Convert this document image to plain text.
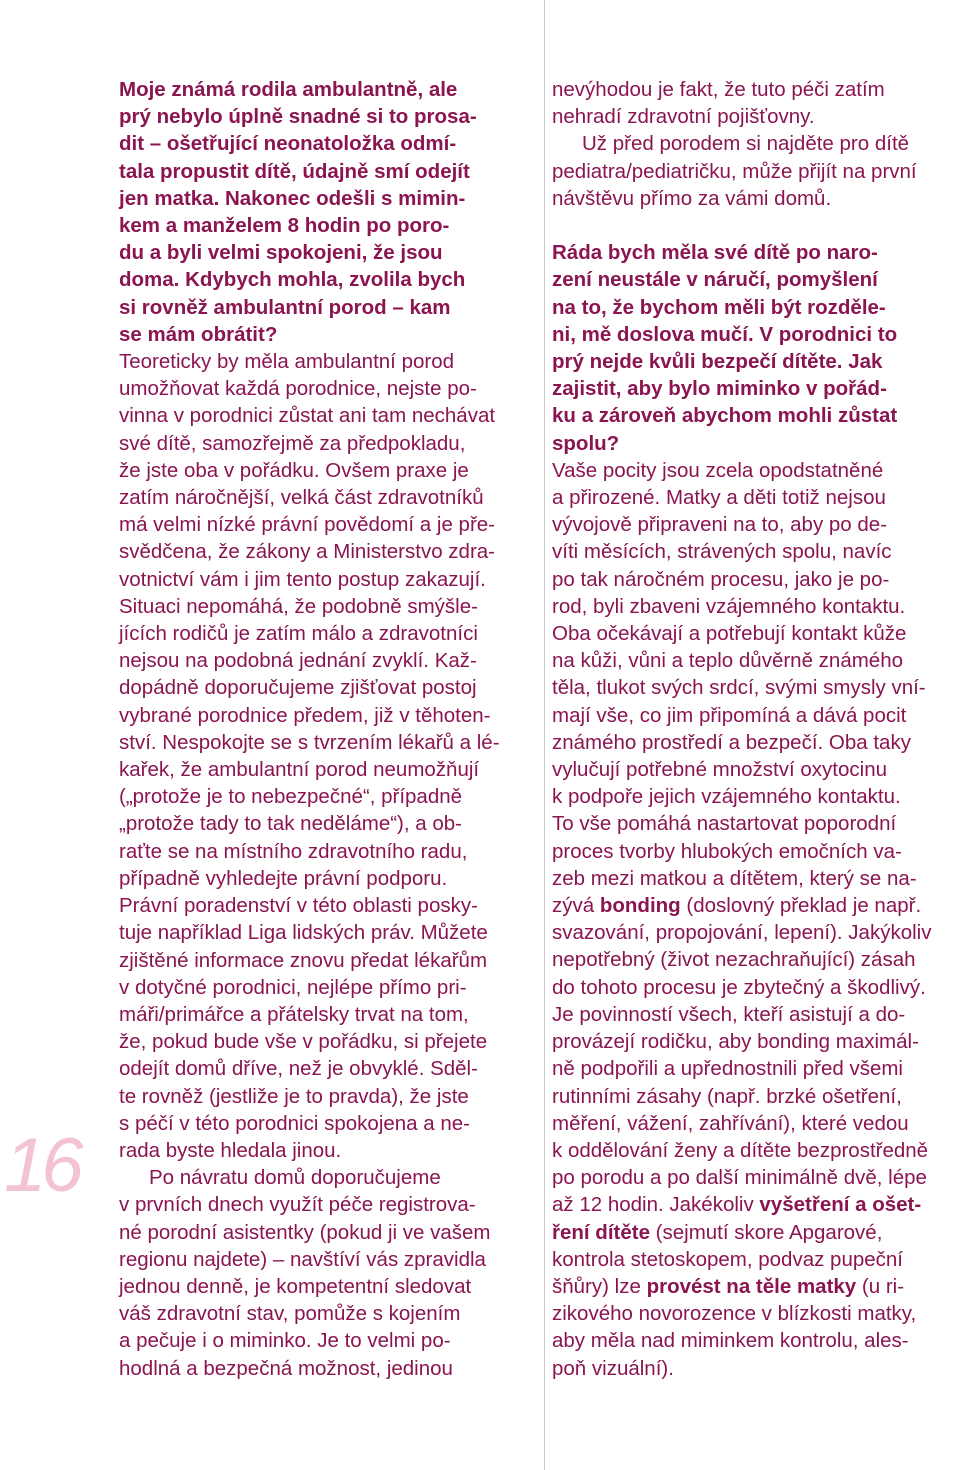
16
Moje známá rodila ambulantně, ale
prý nebylo úplně snadné si to prosa-
dit – ošetřující neonatoložka odmí-
tala propustit dítě, údajně smí odejít
jen matka. Nakonec odešli s mimin-
kem a manželem 8 hodin po poro-
du a byli velmi spokojeni, že jsou
doma. Kdybych mohla, zvolila bych
si rovněž ambulantní porod – kam
se mám obrátit?
Teoreticky by měla ambulantní porod
umožňovat každá porodnice, nejste po-
vinna v porodnici zůstat ani tam nechávat
své dítě, samozřejmě za předpokladu,
že jste oba v pořádku. Ovšem praxe je
zatím náročnější, velká část zdravotníků
má velmi nízké právní povědomí a je pře-
svědčena, že zákony a Ministerstvo zdra-
votnictví vám i jim tento postup zakazují.
Situaci nepomáhá, že podobně smýšle-
jících rodičů je zatím málo a zdravotníci
nejsou na podobná jednání zvyklí. Kaž-
dopádně doporučujeme zjišťovat postoj
vybrané porodnice předem, již v těhoten-
ství. Nespokojte se s tvrzením lékařů a lé-
kařek, že ambulantní porod neumožňují
(„protože je to nebezpečné“, případně
„protože tady to tak neděláme“), a ob-
raťte se na místního zdravotního radu,
případně vyhledejte právní podporu.
Právní poradenství v této oblasti posky-
tuje například Liga lidských práv. Můžete
zjištěné informace znovu předat lékařům
v dotyčné porodnici, nejlépe přímo pri-
máři/primářce a přátelsky trvat na tom,
že, pokud bude vše v pořádku, si přejete
odejít domů dříve, než je obvyklé. Sděl-
te rovněž (jestliže je to pravda), že jste
s péčí v této porodnici spokojena a ne-
rada byste hledala jinou.
Po návratu domů doporučujeme
v prvních dnech využít péče registrova-
né porodní asistentky (pokud ji ve vašem
regionu najdete) – navštíví vás zpravidla
jednou denně, je kompetentní sledovat
váš zdravotní stav, pomůže s kojením
a pečuje i o miminko. Je to velmi po-
hodlná a bezpečná možnost, jedinou
nevýhodou je fakt, že tuto péči zatím
nehradí zdravotní pojišťovny.
Už před porodem si najděte pro dítě
pediatra/pediatričku, může přijít na první
návštěvu přímo za vámi domů.
Ráda bych měla své dítě po naro-
zení neustále v náručí, pomyšlení
na to, že bychom měli být rozděle-
ni, mě doslova mučí. V porodnici to
prý nejde kvůli bezpečí dítěte. Jak
zajistit, aby bylo miminko v pořád-
ku a zároveň abychom mohli zůstat
spolu?
Vaše pocity jsou zcela opodstatněné
a přirozené. Matky a děti totiž nejsou
vývojově připraveni na to, aby po de-
víti měsících, strávených spolu, navíc
po tak náročném procesu, jako je po-
rod, byli zbaveni vzájemného kontaktu.
Oba očekávají a potřebují kontakt kůže
na kůži, vůni a teplo důvěrně známého
těla, tlukot svých srdcí, svými smysly vní-
mají vše, co jim připomíná a dává pocit
známého prostředí a bezpečí. Oba taky
vylučují potřebné množství oxytocinu
k podpoře jejich vzájemného kontaktu.
To vše pomáhá nastartovat poporodní
proces tvorby hlubokých emočních va-
zeb mezi matkou a dítětem, který se na-
zývá bonding (doslovný překlad je např.
svazování, propojování, lepení). Jakýkoliv
nepotřebný (život nezachraňující) zásah
do tohoto procesu je zbytečný a škodlivý.
Je povinností všech, kteří asistují a do-
provázejí rodičku, aby bonding maximál-
ně podpořili a upřednostnili před všemi
rutinními zásahy (např. brzké ošetření,
měření, vážení, zahřívání), které vedou
k oddělování ženy a dítěte bezprostředně
po porodu a po další minimálně dvě, lépe
až 12 hodin. Jakékoliv vyšetření a ošet-
ření dítěte (sejmutí skore Apgarové,
kontrola stetoskopem, podvaz pupeční
šňůry) lze provést na těle matky (u ri-
zikového novorozence v blízkosti matky,
aby měla nad miminkem kontrolu, ales-
poň vizuální).
